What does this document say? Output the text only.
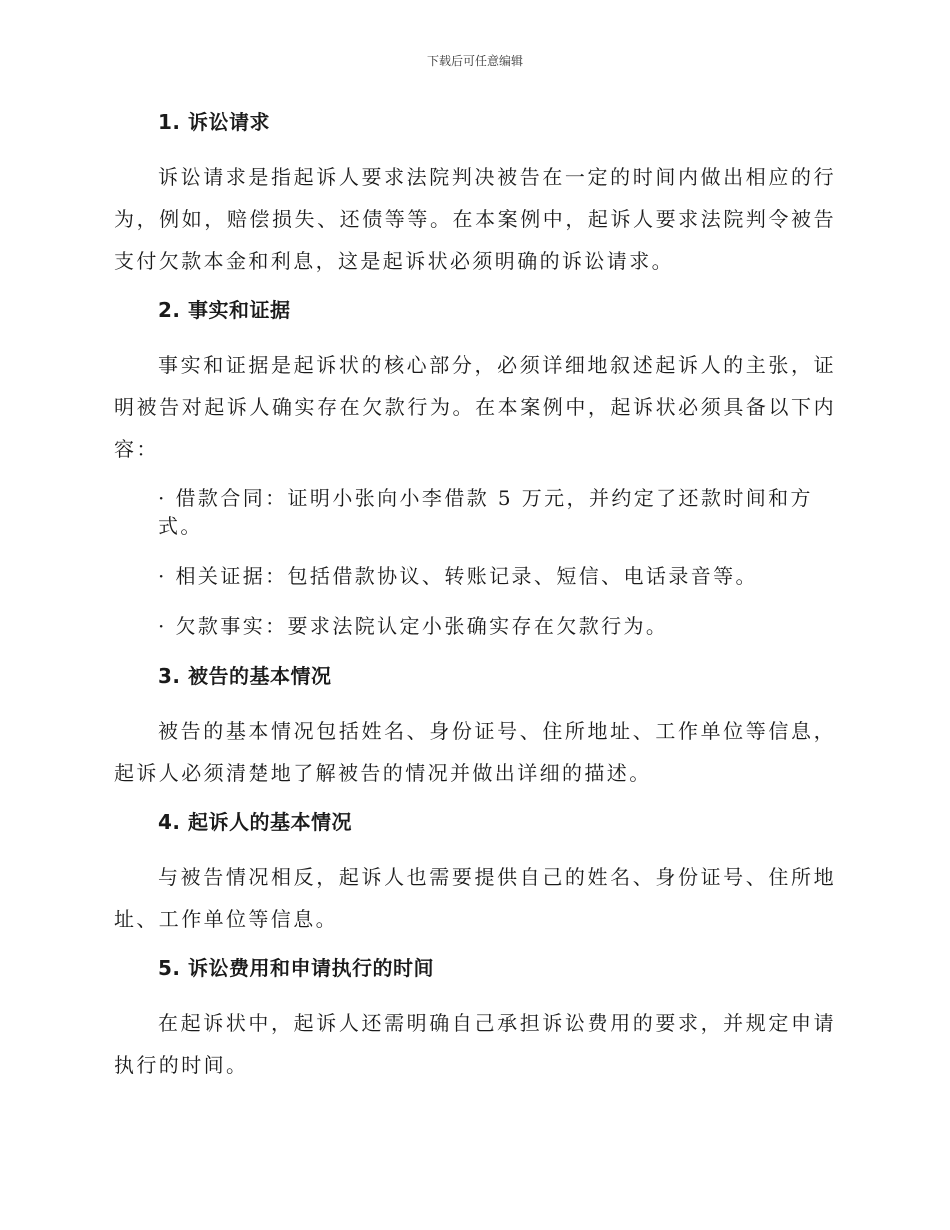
下载后可任意编辑
1. 诉讼请求

诉讼请求是指起诉人要求法院判决被告在一定的时间内做出相应的行为，例如，赔偿损失、还债等等。在本案例中，起诉人要求法院判令被告支付欠款本金和利息，这是起诉状必须明确的诉讼请求。

2. 事实和证据

事实和证据是起诉状的核心部分，必须详细地叙述起诉人的主张，证明被告对起诉人确实存在欠款行为。在本案例中，起诉状必须具备以下内容：

· 借款合同：证明小张向小李借款 5 万元，并约定了还款时间和方式。
· 相关证据：包括借款协议、转账记录、短信、电话录音等。
· 欠款事实：要求法院认定小张确实存在欠款行为。
3. 被告的基本情况

被告的基本情况包括姓名、身份证号、住所地址、工作单位等信息，起诉人必须清楚地了解被告的情况并做出详细的描述。

4. 起诉人的基本情况

与被告情况相反，起诉人也需要提供自己的姓名、身份证号、住所地址、工作单位等信息。

5. 诉讼费用和申请执行的时间

在起诉状中，起诉人还需明确自己承担诉讼费用的要求，并规定申请执行的时间。
